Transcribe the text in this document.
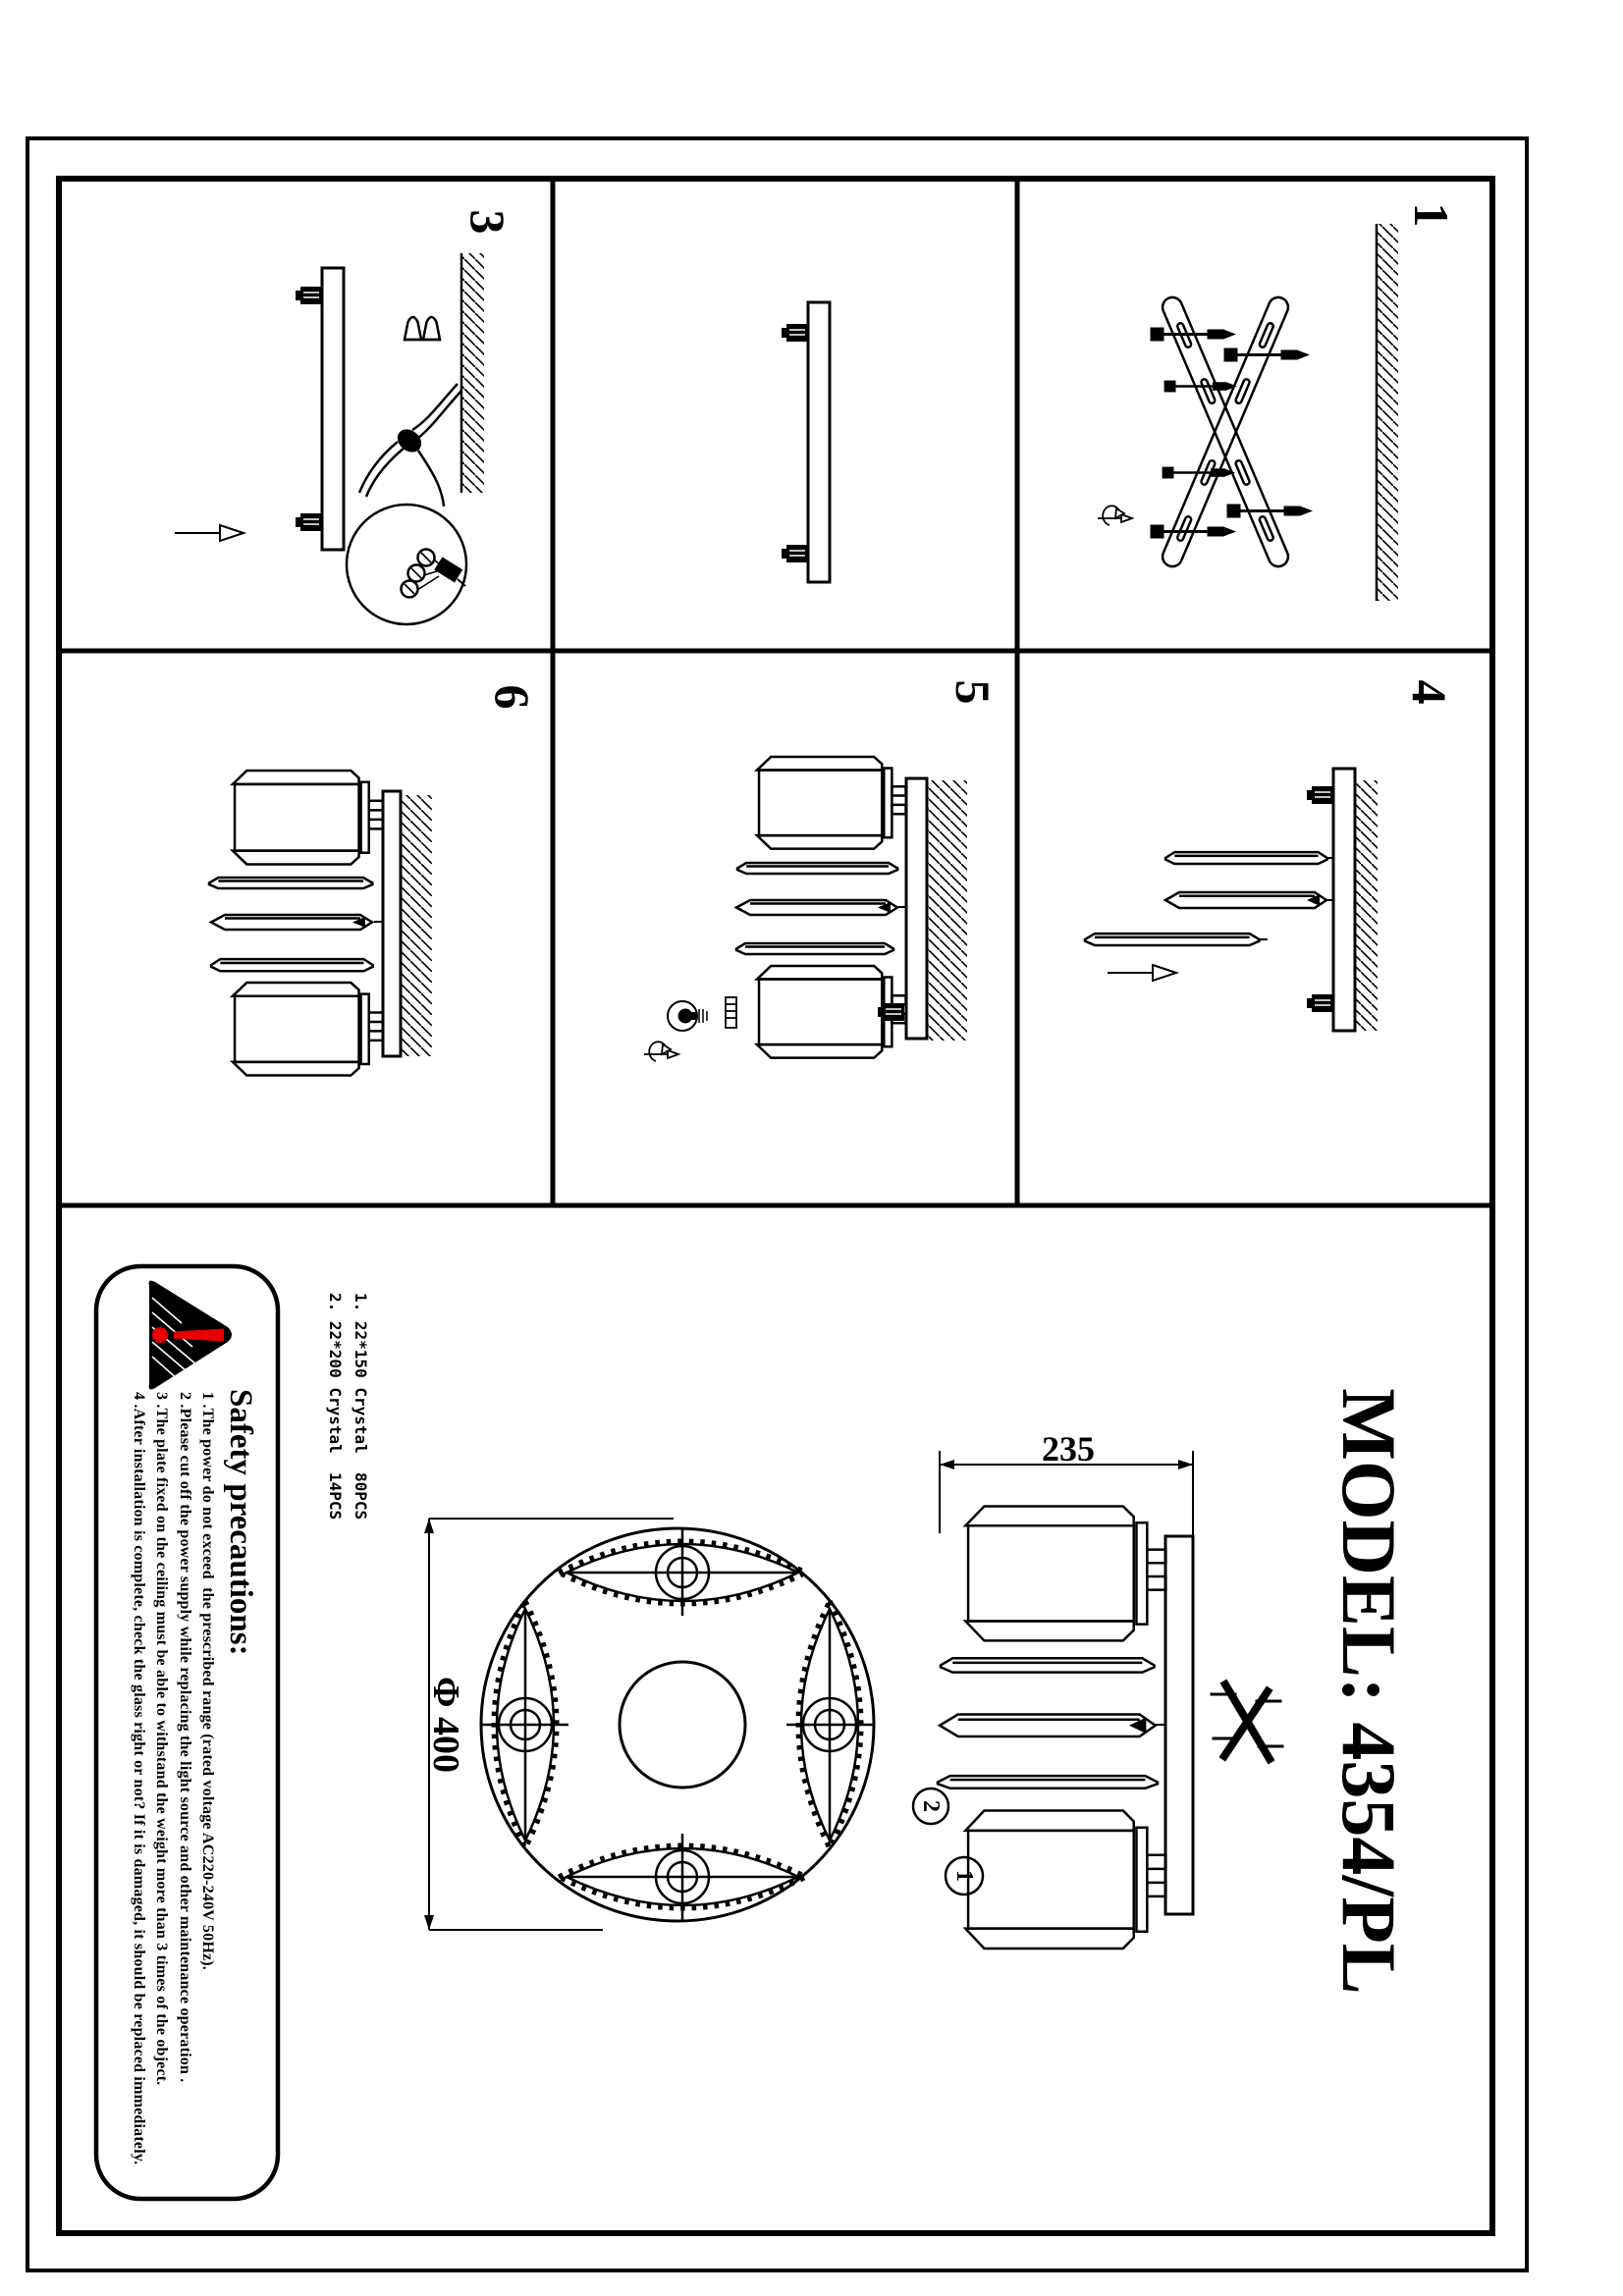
1
3
4
5
6
MODEL: 4354/PL
Φ 400
235
2
1
Safety precautions:
1 .The power do not exceed  the prescribed range (rated voltage AC220-240V 50Hz).
2 .Please cut off the power supply while replacing the light source and other maintenance operation .
3 .The plate fixed on the ceiling must be able to withstand the weight more than 3 times of the object.
4 .After installation is complete, check the glass right or not? If it is damaged, it should be replaced immediately.	1. 22*150 Crystal  80PCS
2. 22*200 Crystal  14PCS
